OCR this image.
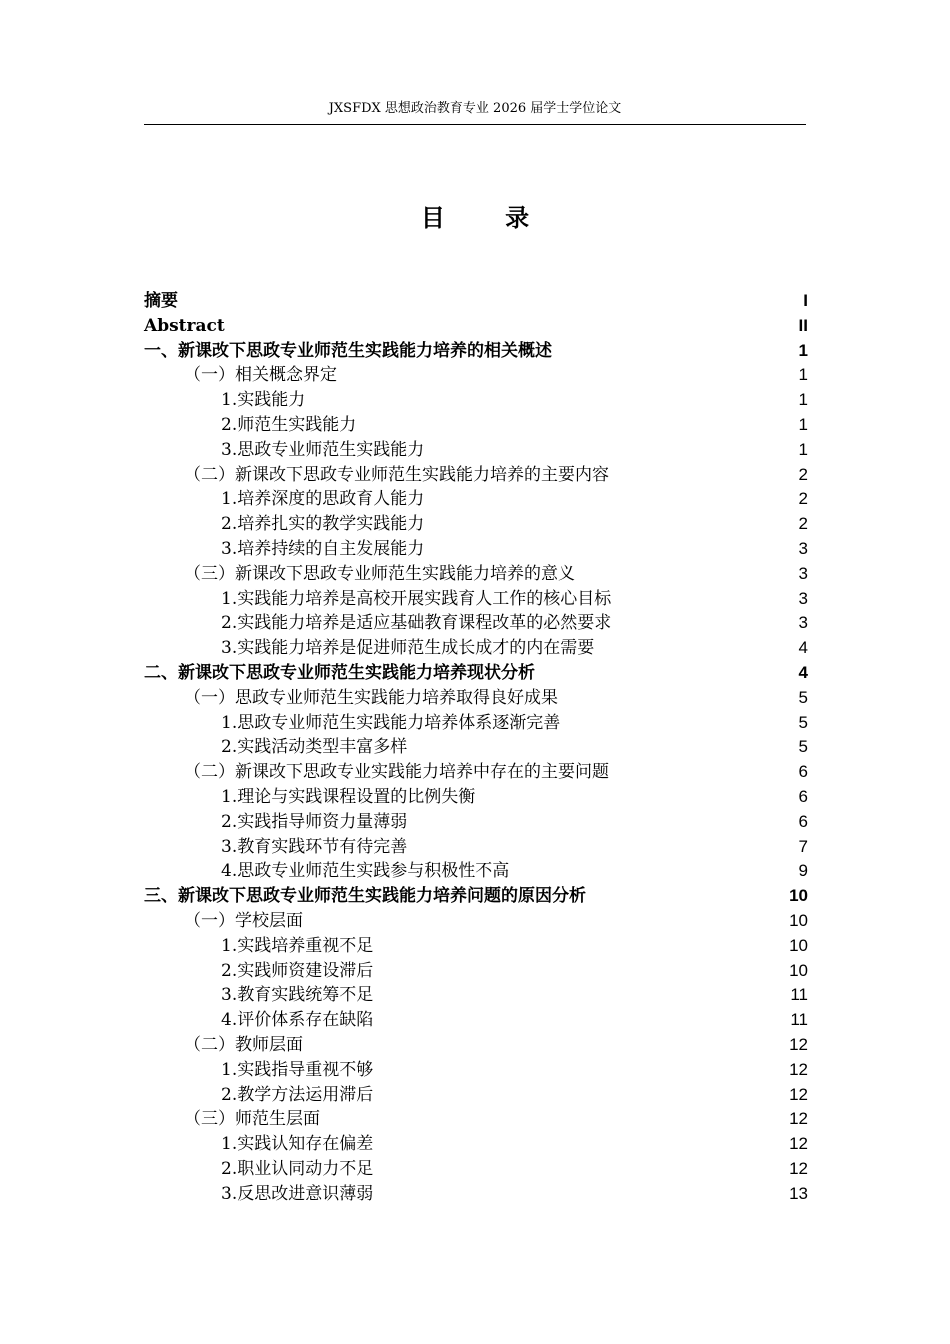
JXSFDX 思想政治教育专业 2026 届学士学位论文
目 录
摘要	I
Abstract	II
一、新课改下思政专业师范生实践能力培养的相关概述	1
（一）相关概念界定	1
1.实践能力	1
2.师范生实践能力	1
3.思政专业师范生实践能力	1
（二）新课改下思政专业师范生实践能力培养的主要内容	2
1.培养深度的思政育人能力	2
2.培养扎实的教学实践能力	2
3.培养持续的自主发展能力	3
（三）新课改下思政专业师范生实践能力培养的意义	3
1.实践能力培养是高校开展实践育人工作的核心目标	3
2.实践能力培养是适应基础教育课程改革的必然要求	3
3.实践能力培养是促进师范生成长成才的内在需要	4
二、新课改下思政专业师范生实践能力培养现状分析	4
（一）思政专业师范生实践能力培养取得良好成果	5
1.思政专业师范生实践能力培养体系逐渐完善	5
2.实践活动类型丰富多样	5
（二）新课改下思政专业实践能力培养中存在的主要问题	6
1.理论与实践课程设置的比例失衡	6
2.实践指导师资力量薄弱	6
3.教育实践环节有待完善	7
4.思政专业师范生实践参与积极性不高	9
三、新课改下思政专业师范生实践能力培养问题的原因分析	10
（一）学校层面	10
1.实践培养重视不足	10
2.实践师资建设滞后	10
3.教育实践统筹不足	11
4.评价体系存在缺陷	11
（二）教师层面	12
1.实践指导重视不够	12
2.教学方法运用滞后	12
（三）师范生层面	12
1.实践认知存在偏差	12
2.职业认同动力不足	12
3.反思改进意识薄弱	13
